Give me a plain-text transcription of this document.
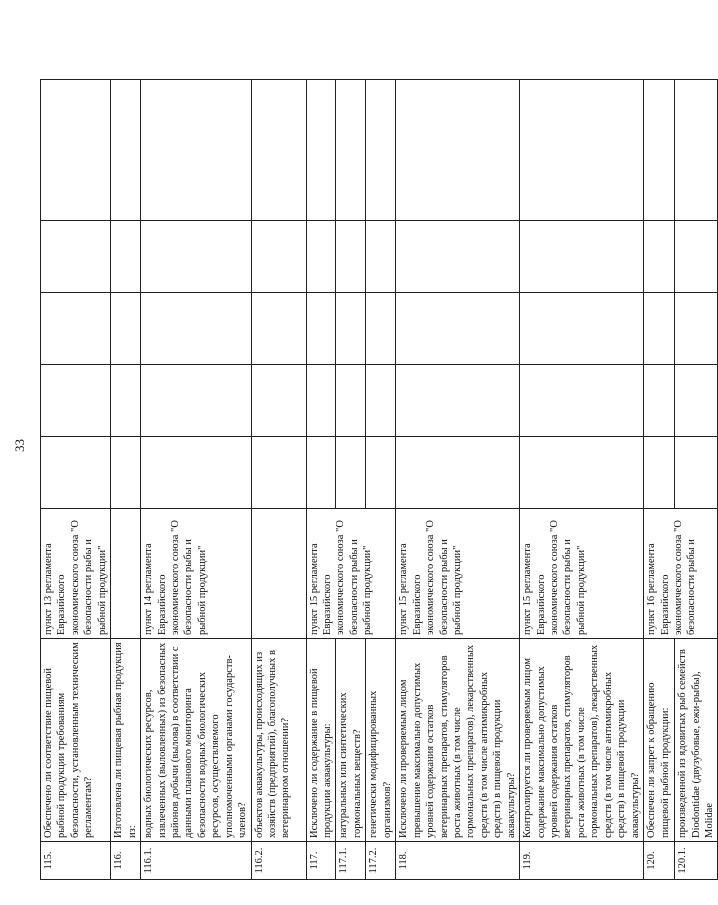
33
115.	Обеспечено ли соответствие пищевой рыбной продукции требованиям безопасности, установленным техническим регламентам?	пункт 13 регламента Евразийского экономического союза "О безопасности рыбы и рыбной продукции"					
116.	Изготовлена ли пищевая рыбная продукция из:						
116.1.	водных биологических ресурсов, извлеченных (выловленных) из безопасных районов добычи (вылова) в соответствии с данными планового мониторинга безопасности водных биологических ресурсов, осуществляемого уполномоченными органами государств-членов?	пункт 14 регламента Евразийского экономического союза "О безопасности рыбы и рыбной продукции"					
116.2.	объектов аквакультуры, происходящих из хозяйств (предприятий), благополучных в ветеринарном отношении?						
117.	Исключено ли содержание в пищевой продукции аквакультуры:	пункт 15 регламента Евразийского экономического союза "О безопасности рыбы и рыбной продукции"					
117.1.	натуральных или синтетических гормональных веществ?						
117.2.	генетически модифицированных организмов?						
118.	Исключено ли проверяемым лицом превышение максимально допустимых уровней содержания остатков ветеринарных препаратов, стимуляторов роста животных (в том числе гормональных препаратов), лекарственных средств (в том числе антимикробных средств) в пищевой продукции аквакультуры?	пункт 15 регламента Евразийского экономического союза "О безопасности рыбы и рыбной продукции"					
119.	Контролируется ли проверяемым лицом содержание максимально допустимых уровней содержания остатков ветеринарных препаратов, стимуляторов роста животных (в том числе гормональных препаратов), лекарственных средств (в том числе антимикробных средств) в пищевой продукции аквакультуры?	пункт 15 регламента Евразийского экономического союза "О безопасности рыбы и рыбной продукции"					
120.	Обеспечен ли запрет к обращению пищевой рыбной продукции:	пункт 16 регламента Евразийского экономического союза "О безопасности рыбы и					
120.1.	произведенной из ядовитых рыб семейств Diodontidae (двузубовые, ежи-рыбы), Molidae						
